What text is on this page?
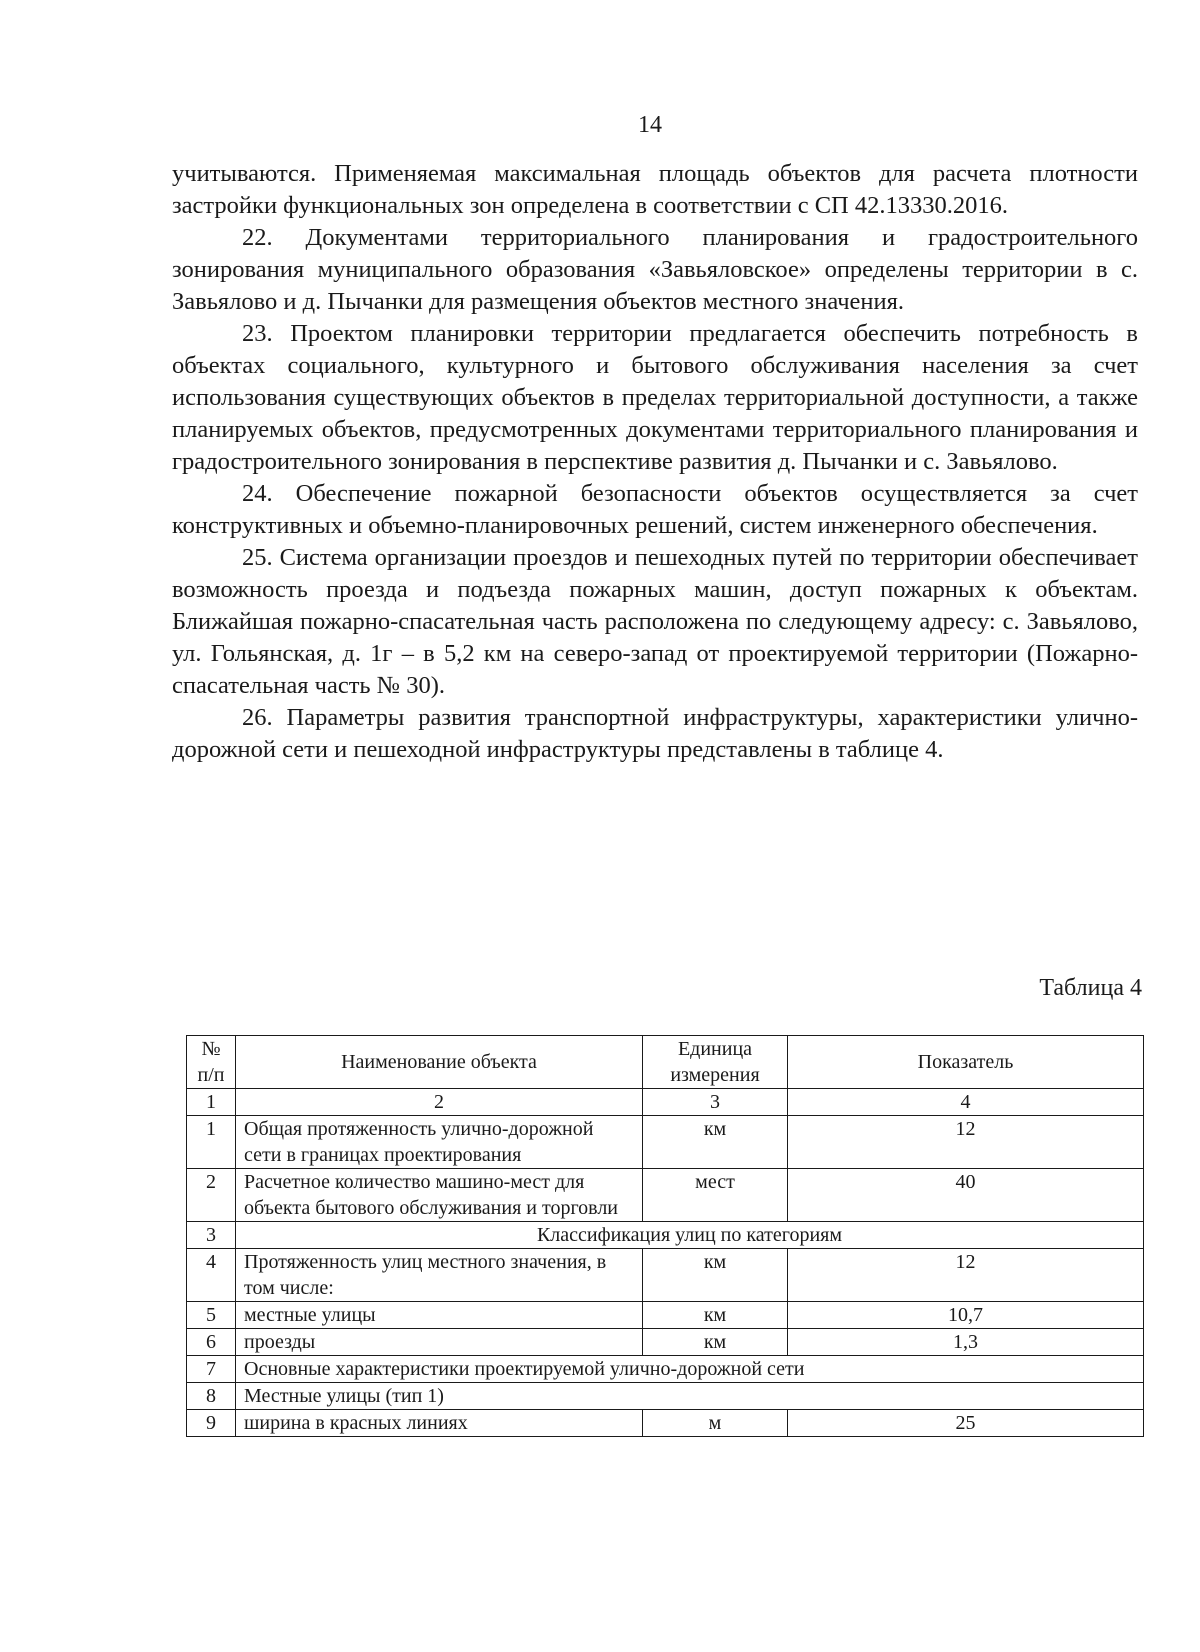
14

учитываются. Применяемая максимальная площадь объектов для расчета плотности застройки функциональных зон определена в соответствии с СП 42.13330.2016.

22. Документами территориального планирования и градостроительного зонирования муниципального образования «Завьяловское» определены территории в с. Завьялово и д. Пычанки для размещения объектов местного значения.

23. Проектом планировки территории предлагается обеспечить потребность в объектах социального, культурного и бытового обслуживания населения за счет использования существующих объектов в пределах территориальной доступности, а также планируемых объектов, предусмотренных документами территориального планирования и градостроительного зонирования в перспективе развития д. Пычанки и с. Завьялово.

24. Обеспечение пожарной безопасности объектов осуществляется за счет конструктивных и объемно-планировочных решений, систем инженерного обеспечения.

25. Система организации проездов и пешеходных путей по территории обеспечивает возможность проезда и подъезда пожарных машин, доступ пожарных к объектам. Ближайшая пожарно-спасательная часть расположена по следующему адресу: с. Завьялово, ул. Гольянская, д. 1г – в 5,2 км на северо-запад от проектируемой территории (Пожарно-спасательная часть № 30).

26. Параметры развития транспортной инфраструктуры, характеристики улично-дорожной сети и пешеходной инфраструктуры представлены в таблице 4.

Таблица 4
№ п/п	Наименование объекта	Единица измерения	Показатель
1	2	3	4
1	Общая протяженность улично-дорожной сети в границах проектирования	км	12
2	Расчетное количество машино-мест для объекта бытового обслуживания и торговли	мест	40
3	Классификация улиц по категориям		
4	Протяженность улиц местного значения, в том числе:	км	12
5	местные улицы	км	10,7
6	проезды	км	1,3
7	Основные характеристики проектируемой улично-дорожной сети		
8	Местные улицы (тип 1)		
9	ширина в красных линиях	м	25
